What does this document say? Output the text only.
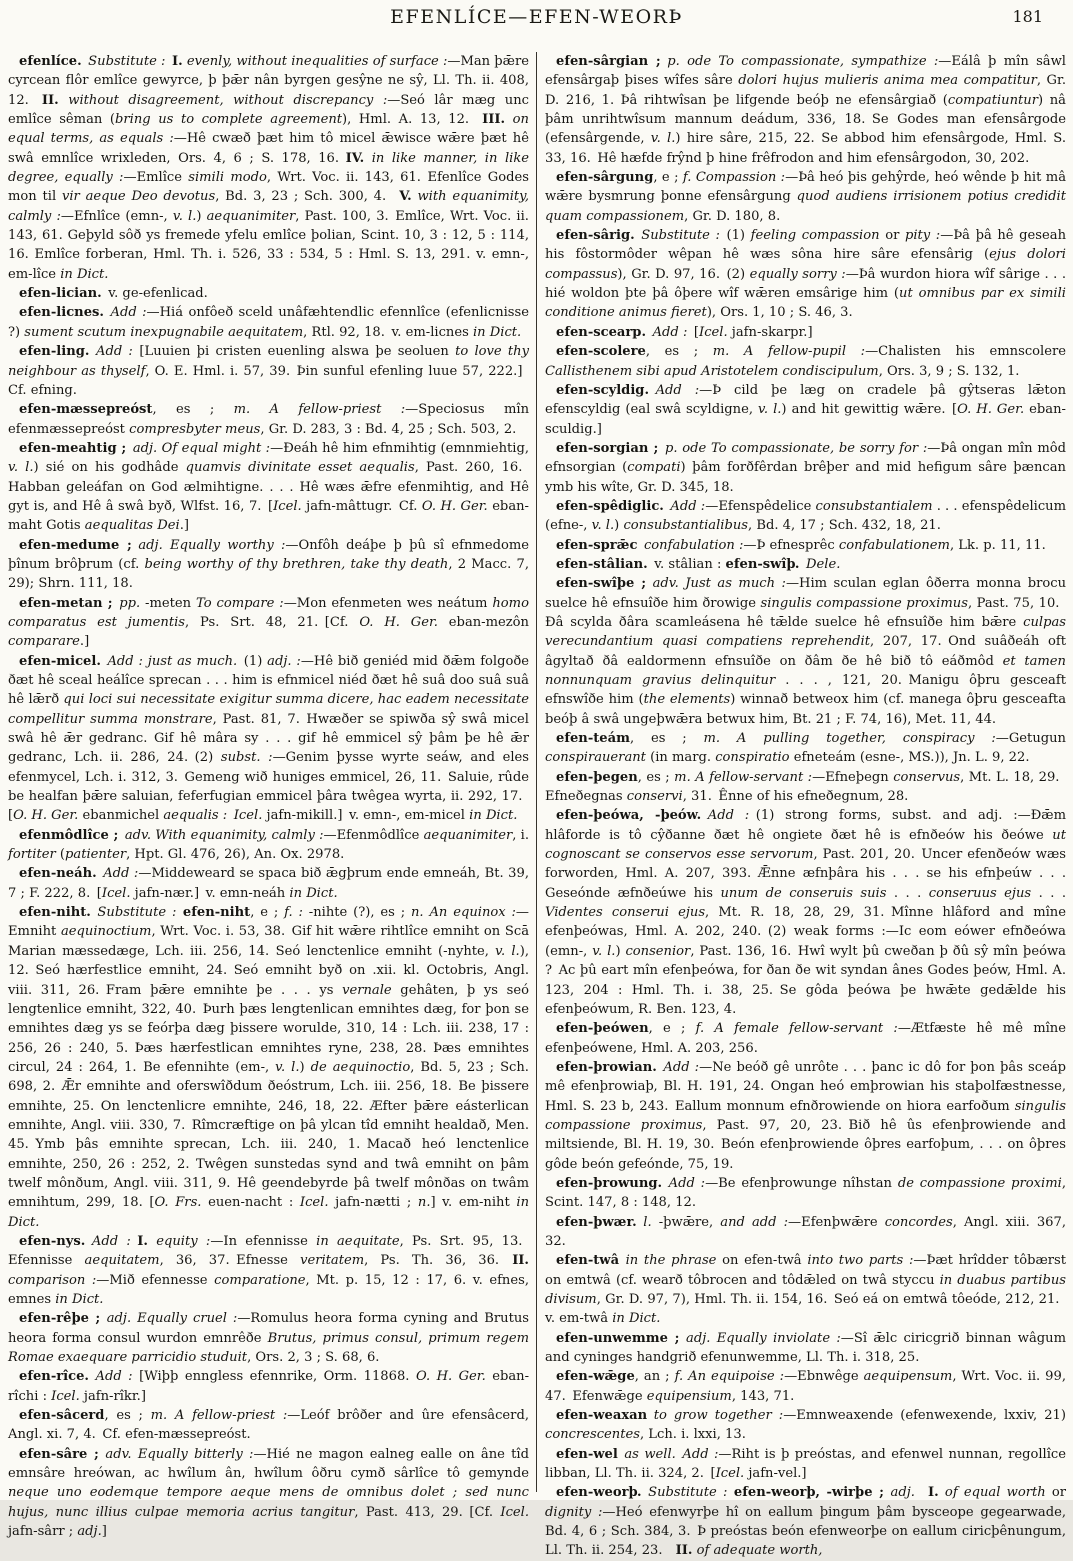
EFENLÍCE—EFEN-WEORÞ	181

efenlíce. Substitute : I. evenly, without inequalities of surface :—Man þǣre cyrcean flôr emlîce gewyrce, þ þǣr nân byrgen gesŷne ne sŷ, Ll. Th. ii. 408, 12. II. without disagreement, without discrepancy :—Seó lâr mæg unc emlîce sêman (bring us to complete agreement), Hml. A. 13, 12. III. on equal terms, as equals :—Hê cwæð þæt him tô micel ǣwisce wǣre þæt hê swâ emnlîce wrixleden, Ors. 4, 6 ; S. 178, 16. IV. in like manner, in like degree, equally :—Emlîce simili modo, Wrt. Voc. ii. 143, 61. Efenlîce Godes mon til vir aeque Deo devotus, Bd. 3, 23 ; Sch. 300, 4. V. with equanimity, calmly :—Efnlîce (emn-, v. l.) aequanimiter, Past. 100, 3. Emlîce, Wrt. Voc. ii. 143, 61. Geþyld sôð ys fremede yfelu emlîce þolian, Scint. 10, 3 : 12, 5 : 114, 16. Emlîce forberan, Hml. Th. i. 526, 33 : 534, 5 : Hml. S. 13, 291. v. emn-, em-lîce in Dict.

efen-lician. v. ge-efenlicad.

efen-licnes. Add :—Hiá onfôeð sceld unâfæhtendlic efennlîce (efenlicnisse ?) sument scutum inexpugnabile aequitatem, Rtl. 92, 18. v. em-licnes in Dict.

efen-ling. Add : [Luuien þi cristen euenling alswa þe seoluen to love thy neighbour as thyself, O. E. Hml. i. 57, 39. Þin sunful efenling luue 57, 222.] Cf. efning.

efen-mæssepreóst, es ; m. A fellow-priest :—Speciosus mîn efenmæssepreóst compresbyter meus, Gr. D. 283, 3 : Bd. 4, 25 ; Sch. 503, 2.

efen-meahtig ; adj. Of equal might :—Ðeáh hê him efnmihtig (emnmiehtig, v. l.) sié on his godhâde quamvis divinitate esset aequalis, Past. 260, 16. Habban geleáfan on God ælmihtigne. . . . Hê wæs ǣfre efenmihtig, and Hê gyt is, and Hê â swâ byð, Wlfst. 16, 7. [Icel. jafn-mâttugr. Cf. O. H. Ger. eban-maht Gotis aequalitas Dei.]

efen-medume ; adj. Equally worthy :—Onfôh deáþe þ þû sî efnmedome þînum brôþrum (cf. being worthy of thy brethren, take thy death, 2 Macc. 7, 29); Shrn. 111, 18.

efen-metan ; pp. -meten To compare :—Mon efenmeten wes neátum homo comparatus est jumentis, Ps. Srt. 48, 21. [Cf. O. H. Ger. eban-mezôn comparare.]

efen-micel. Add : just as much. (1) adj. :—Hê bið geniéd mid ðǣm folgoðe ðæt hê sceal heálîce sprecan . . . him is efnmicel niéd ðæt hê suâ doo suâ suâ hê lǣrð qui loci sui necessitate exigitur summa dicere, hac eadem necessitate compellitur summa monstrare, Past. 81, 7. Hwæðer se spiwða sŷ swâ micel swâ hê ǣr gedranc. Gif hê mâra sy . . . gif hê emmicel sŷ þâm þe hê ǣr gedranc, Lch. ii. 286, 24. (2) subst. :—Genim þysse wyrte seáw, and eles efenmycel, Lch. i. 312, 3. Gemeng wið huniges emmicel, 26, 11. Saluie, rûde be healfan þǣre saluian, feferfugian emmicel þâra twêgea wyrta, ii. 292, 17. [O. H. Ger. ebanmichel aequalis : Icel. jafn-mikill.] v. emn-, em-micel in Dict.

efenmôdlîce ; adv. With equanimity, calmly :—Efenmôdlîce aequanimiter, i. fortiter (patienter, Hpt. Gl. 476, 26), An. Ox. 2978.

efen-neáh. Add :—Middeweard se spaca bið ǣgþrum ende emneáh, Bt. 39, 7 ; F. 222, 8. [Icel. jafn-nær.] v. emn-neáh in Dict.

efen-niht. Substitute : efen-niht, e ; f. : -nihte (?), es ; n. An equinox :—Emniht aequinoctium, Wrt. Voc. i. 53, 38. Gif hit wǣre rihtlîce emniht on Scā Marian mæssedæge, Lch. iii. 256, 14. Seó lenctenlice emniht (-nyhte, v. l.), 12. Seó hærfestlice emniht, 24. Seó emniht byð on .xii. kl. Octobris, Angl. viii. 311, 26. Fram þǣre emnihte þe . . . ys vernale gehâten, þ ys seó lengtenlice emniht, 322, 40. Þurh þæs lengtenlican emnihtes dæg, for þon se emnihtes dæg ys se feórþa dæg þissere worulde, 310, 14 : Lch. iii. 238, 17 : 256, 26 : 240, 5. Þæs hærfestlican emnihtes ryne, 238, 28. Þæs emnihtes circul, 24 : 264, 1. Be efennihte (em-, v. l.) de aequinoctio, Bd. 5, 23 ; Sch. 698, 2. Ǣr emnihte and oferswîðdum ðeóstrum, Lch. iii. 256, 18. Be þissere emnihte, 25. On lenctenlicre emnihte, 246, 18, 22. Æfter þǣre eásterlican emnihte, Angl. viii. 330, 7. Rîmcræftige on þâ ylcan tîd emniht healdað, Men. 45. Ymb þâs emnihte sprecan, Lch. iii. 240, 1. Macað heó lenctenlice emnihte, 250, 26 : 252, 2. Twêgen sunstedas synd and twâ emniht on þâm twelf mônðum, Angl. viii. 311, 9. Hê geendebyrde þâ twelf mônðas on twâm emnihtum, 299, 18. [O. Frs. euen-nacht : Icel. jafn-nætti ; n.] v. em-niht in Dict.

efen-nys. Add : I. equity :—In efennisse in aequitate, Ps. Srt. 95, 13. Efennisse aequitatem, 36, 37. Efnesse veritatem, Ps. Th. 36, 36. II. comparison :—Mið efennesse comparatione, Mt. p. 15, 12 : 17, 6. v. efnes, emnes in Dict.

efen-rêþe ; adj. Equally cruel :—Romulus heora forma cyning and Brutus heora forma consul wurdon emnrêðe Brutus, primus consul, primum regem Romae exaequare parricidio studuit, Ors. 2, 3 ; S. 68, 6.

efen-rîce. Add : [Wiþþ enngless efennrike, Orm. 11868. O. H. Ger. eban-rîchi : Icel. jafn-rîkr.]

efen-sâcerd, es ; m. A fellow-priest :—Leóf brôðer and ûre efensâcerd, Angl. xi. 7, 4. Cf. efen-mæssepreóst.

efen-sâre ; adv. Equally bitterly :—Hié ne magon ealneg ealle on âne tîd emnsâre hreówan, ac hwîlum ân, hwîlum ôðru cymð sârlîce tô gemynde neque uno eodemque tempore aeque mens de omnibus dolet ; sed nunc hujus, nunc illius culpae memoria acrius tangitur, Past. 413, 29. [Cf. Icel. jafn-sârr ; adj.]

efen-sârgian ; p. ode To compassionate, sympathize :—Eálâ þ mîn sâwl efensârgaþ þises wîfes sâre dolori hujus mulieris anima mea compatitur, Gr. D. 216, 1. Þâ rihtwîsan þe lifgende beóþ ne efensârgiað (compatiuntur) nâ þâm unrihtwîsum mannum deádum, 336, 18. Se Godes man efensârgode (efensârgende, v. l.) hire sâre, 215, 22. Se abbod him efensârgode, Hml. S. 33, 16. Hê hæfde frŷnd þ hine frêfrodon and him efensârgodon, 30, 202.

efen-sârgung, e ; f. Compassion :—Þâ heó þis gehŷrde, heó wênde þ hit mâ wǣre bysmrung þonne efensârgung quod audiens irrisionem potius credidit quam compassionem, Gr. D. 180, 8.

efen-sârig. Substitute : (1) feeling compassion or pity :—Þâ þâ hê geseah his fôstormôder wêpan hê wæs sôna hire sâre efensârig (ejus dolori compassus), Gr. D. 97, 16. (2) equally sorry :—Þâ wurdon hiora wîf sârige . . . hié woldon þte þâ ôþere wîf wǣren emsârige him (ut omnibus par ex simili conditione animus fieret), Ors. 1, 10 ; S. 46, 3.

efen-scearp. Add : [Icel. jafn-skarpr.]

efen-scolere, es ; m. A fellow-pupil :—Chalisten his emnscolere Callisthenem sibi apud Aristotelem condiscipulum, Ors. 3, 9 ; S. 132, 1.

efen-scyldig. Add :—Þ cild þe læg on cradele þâ gŷtseras lǣton efenscyldig (eal swâ scyldigne, v. l.) and hit gewittig wǣre. [O. H. Ger. eban-sculdig.]

efen-sorgian ; p. ode To compassionate, be sorry for :—Þâ ongan mîn môd efnsorgian (compati) þâm forðfêrdan brêþer and mid hefigum sâre þæncan ymb his wîte, Gr. D. 345, 18.

efen-spêdiglic. Add :—Efenspêdelice consubstantialem . . . efenspêdelicum (efne-, v. l.) consubstantialibus, Bd. 4, 17 ; Sch. 432, 18, 21.

efen-sprǣc confabulation :—Þ efnesprêc confabulationem, Lk. p. 11, 11.

efen-stâlian. v. stâlian : efen-swîþ. Dele.

efen-swîþe ; adv. Just as much :—Him sculan eglan ôðerra monna brocu suelce hê efnsuîðe him ðrowige singulis compassione proximus, Past. 75, 10. Ðâ scylda ðâra scamleásena hê tǣlde suelce hê efnsuîðe him bǣre culpas verecundantium quasi compatiens reprehendit, 207, 17. Ond suâðeáh oft âgyltað ðâ ealdormenn efnsuîðe on ðâm ðe hê bið tô eáðmôd et tamen nonnunquam gravius delinquitur . . . , 121, 20. Manigu ôþru gesceaft efnswîðe him (the elements) winnað betweox him (cf. manega ôþru gesceafta beóþ â swâ ungeþwǣra betwux him, Bt. 21 ; F. 74, 16), Met. 11, 44.

efen-teám, es ; m. A pulling together, conspiracy :—Getugun conspirauerant (in marg. conspiratio efneteám (esne-, MS.)), Jn. L. 9, 22.

efen-þegen, es ; m. A fellow-servant :—Efneþegn conservus, Mt. L. 18, 29. Efneðegnas conservi, 31. Ênne of his efneðegnum, 28.

efen-þeówa, -þeów. Add : (1) strong forms, subst. and adj. :—Ðǣm hlâforde is tô cŷðanne ðæt hê ongiete ðæt hê is efnðeów his ðeówe ut cognoscant se conservos esse servorum, Past. 201, 20. Uncer efenðeów wæs forworden, Hml. A. 207, 393. Ǣnne æfnþâra his . . . se his efnþeúw . . . Geseónde æfnðeúwe his unum de conseruis suis . . . conseruus ejus . . . Videntes conserui ejus, Mt. R. 18, 28, 29, 31. Mînne hlâford and mîne efenþeówas, Hml. A. 202, 240. (2) weak forms :—Ic eom eówer efnðeówa (emn-, v. l.) consenior, Past. 136, 16. Hwî wylt þû cweðan þ ðû sŷ mîn þeówa ? Ac þû eart mîn efenþeówa, for ðan ðe wit syndan ânes Godes þeów, Hml. A. 123, 204 : Hml. Th. i. 38, 25. Se gôda þeówa þe hwǣte gedǣlde his efenþeówum, R. Ben. 123, 4.

efen-þeówen, e ; f. A female fellow-servant :—Ætfæste hê mê mîne efenþeówene, Hml. A. 203, 256.

efen-þrowian. Add :—Ne beóð gê unrôte . . . þanc ic dô for þon þâs sceáp mê efenþrowiaþ, Bl. H. 191, 24. Ongan heó emþrowian his staþolfæstnesse, Hml. S. 23 b, 243. Eallum monnum efnðrowiende on hiora earfoðum singulis compassione proximus, Past. 97, 20, 23. Bið hê ûs efenþrowiende and miltsiende, Bl. H. 19, 30. Beón efenþrowiende ôþres earfoþum, . . . on ôþres gôde beón gefeónde, 75, 19.

efen-þrowung. Add :—Be efenþrowunge nîhstan de compassione proximi, Scint. 147, 8 : 148, 12.

efen-þwær. l. -þwǣre, and add :—Efenþwǣre concordes, Angl. xiii. 367, 32.

efen-twâ in the phrase on efen-twâ into two parts :—Þæt hrîdder tôbærst on emtwâ (cf. wearð tôbrocen and tôdǣled on twâ styccu in duabus partibus divisum, Gr. D. 97, 7), Hml. Th. ii. 154, 16. Seó eá on emtwâ tôeóde, 212, 21. v. em-twâ in Dict.

efen-unwemme ; adj. Equally inviolate :—Sî ǣlc ciricgrið binnan wâgum and cyninges handgrið efenunwemme, Ll. Th. i. 318, 25.

efen-wǣge, an ; f. An equipoise :—Ebnwêge aequipensum, Wrt. Voc. ii. 99, 47. Efenwǣge equipensium, 143, 71.

efen-weaxan to grow together :—Emnweaxende (efenwexende, lxxiv, 21) concrescentes, Lch. i. lxxi, 13.

efen-wel as well. Add :—Riht is þ preóstas, and efenwel nunnan, regollîce libban, Ll. Th. ii. 324, 2. [Icel. jafn-vel.]

efen-weorþ. Substitute : efen-weorþ, -wirþe ; adj. I. of equal worth or dignity :—Heó efenwyrþe hî on eallum þingum þâm bysceope gegearwade, Bd. 4, 6 ; Sch. 384, 3. Þ preóstas beón efenweorþe on eallum ciricþênungum, Ll. Th. ii. 254, 23. II. of adequate worth,
